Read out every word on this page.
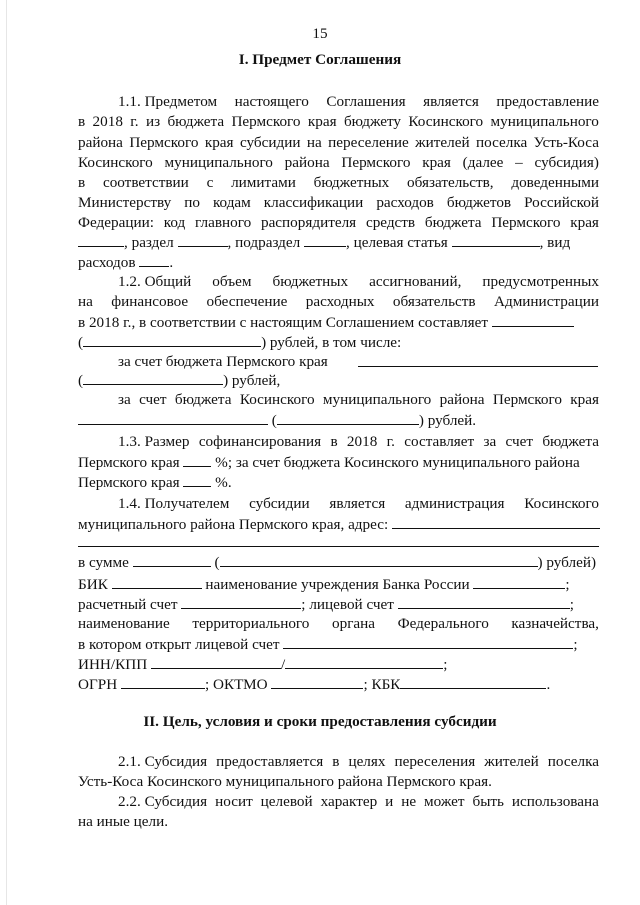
15
I. Предмет Соглашения
1.1. Предметом настоящего Соглашения является предоставление
в 2018 г. из бюджета Пермского края бюджету Косинского муниципального
района Пермского края субсидии на переселение жителей поселка Усть-Коса
Косинского муниципального района Пермского края (далее – субсидия)
в соответствии с лимитами бюджетных обязательств, доведенными
Министерству по кодам классификации расходов бюджетов Российской
Федерации: код главного распорядителя средств бюджета Пермского края
, раздел	, подраздел	, целевая статья	, вид
расходов .
1.2. Общий объем бюджетных ассигнований, предусмотренных
на финансовое обеспечение расходных обязательств Администрации
в 2018 г., в соответствии с настоящим Соглашением составляет
(	) рублей, в том числе:
за счет бюджета Пермского края
(	) рублей,
за счет бюджета Косинского муниципального района Пермского края
(	) рублей.
1.3. Размер софинансирования в 2018 г. составляет за счет бюджета
Пермского края %; за счет бюджета Косинского муниципального района
Пермского края %.
1.4. Получателем субсидии является администрация Косинского
муниципального района Пермского края, адрес:
в сумме	(	) рублей)
БИК	наименование учреждения Банка России	;
расчетный счет	; лицевой счет	;
наименование территориального органа Федерального казначейства,
в котором открыт лицевой счет	;
ИНН/КПП	/	;
ОГРН	; ОКТМО	; КБК	.
II. Цель, условия и сроки предоставления субсидии
2.1. Субсидия предоставляется в целях переселения жителей поселка
Усть-Коса Косинского муниципального района Пермского края.
2.2. Субсидия носит целевой характер и не может быть использована
на иные цели.
